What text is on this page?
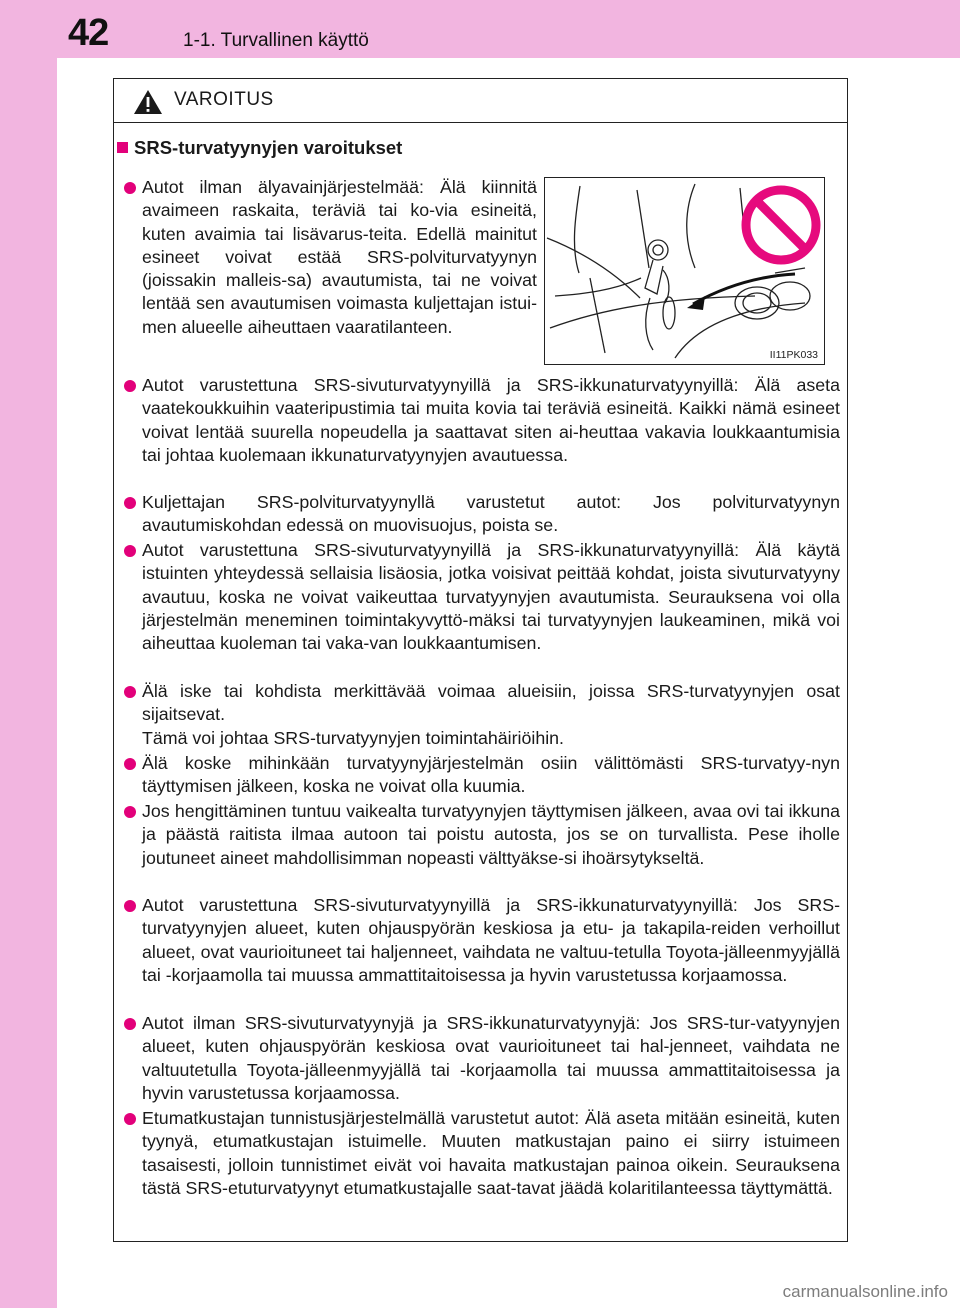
42	1-1. Turvallinen käyttö
VAROITUS
SRS-turvatyynyjen varoitukset
II11PK033
Autot ilman älyavainjärjestelmää: Älä kiinnitä avaimeen raskaita, teräviä tai ko-via esineitä, kuten avaimia tai lisävarus-teita. Edellä mainitut esineet voivat estää SRS-polviturvatyynyn (joissakin malleis-sa) avautumista, tai ne voivat lentää sen avautumisen voimasta kuljettajan istui-men alueelle aiheuttaen vaaratilanteen.
Autot varustettuna SRS-sivuturvatyynyillä ja SRS-ikkunaturvatyynyillä: Älä aseta vaatekoukkuihin vaateripustimia tai muita kovia tai teräviä esineitä. Kaikki nämä esineet voivat lentää suurella nopeudella ja saattavat siten ai-heuttaa vakavia loukkaantumisia tai johtaa kuolemaan ikkunaturvatyynyjen avautuessa.
Kuljettajan SRS-polviturvatyynyllä varustetut autot: Jos polviturvatyynyn avautumiskohdan edessä on muovisuojus, poista se.
Autot varustettuna SRS-sivuturvatyynyillä ja SRS-ikkunaturvatyynyillä: Älä käytä istuinten yhteydessä sellaisia lisäosia, jotka voisivat peittää kohdat, joista sivuturvatyyny avautuu, koska ne voivat vaikeuttaa turvatyynyjen avautumista. Seurauksena voi olla järjestelmän meneminen toimintakyvyttö-mäksi tai turvatyynyjen laukeaminen, mikä voi aiheuttaa kuoleman tai vaka-van loukkaantumisen.
Älä iske tai kohdista merkittävää voimaa alueisiin, joissa SRS-turvatyynyjen osat sijaitsevat.
Tämä voi johtaa SRS-turvatyynyjen toimintahäiriöihin.
Älä koske mihinkään turvatyynyjärjestelmän osiin välittömästi SRS-turvatyy-nyn täyttymisen jälkeen, koska ne voivat olla kuumia.
Jos hengittäminen tuntuu vaikealta turvatyynyjen täyttymisen jälkeen, avaa ovi tai ikkuna ja päästä raitista ilmaa autoon tai poistu autosta, jos se on turvallista. Pese iholle joutuneet aineet mahdollisimman nopeasti välttyäkse-si ihoärsytykseltä.
Autot varustettuna SRS-sivuturvatyynyillä ja SRS-ikkunaturvatyynyillä: Jos SRS-turvatyynyjen alueet, kuten ohjauspyörän keskiosa ja etu- ja takapila-reiden verhoillut alueet, ovat vaurioituneet tai haljenneet, vaihdata ne valtuu-tetulla Toyota-jälleenmyyjällä tai -korjaamolla tai muussa ammattitaitoisessa ja hyvin varustetussa korjaamossa.
Autot ilman SRS-sivuturvatyynyjä ja SRS-ikkunaturvatyynyjä: Jos SRS-tur-vatyynyjen alueet, kuten ohjauspyörän keskiosa ovat vaurioituneet tai hal-jenneet, vaihdata ne valtuutetulla Toyota-jälleenmyyjällä tai -korjaamolla tai muussa ammattitaitoisessa ja hyvin varustetussa korjaamossa.
Etumatkustajan tunnistusjärjestelmällä varustetut autot: Älä aseta mitään esineitä, kuten tyynyä, etumatkustajan istuimelle. Muuten matkustajan paino ei siirry istuimeen tasaisesti, jolloin tunnistimet eivät voi havaita matkustajan painoa oikein. Seurauksena tästä SRS-etuturvatyynyt etumatkustajalle saat-tavat jäädä kolaritilanteessa täyttymättä.
carmanualsonline.info
